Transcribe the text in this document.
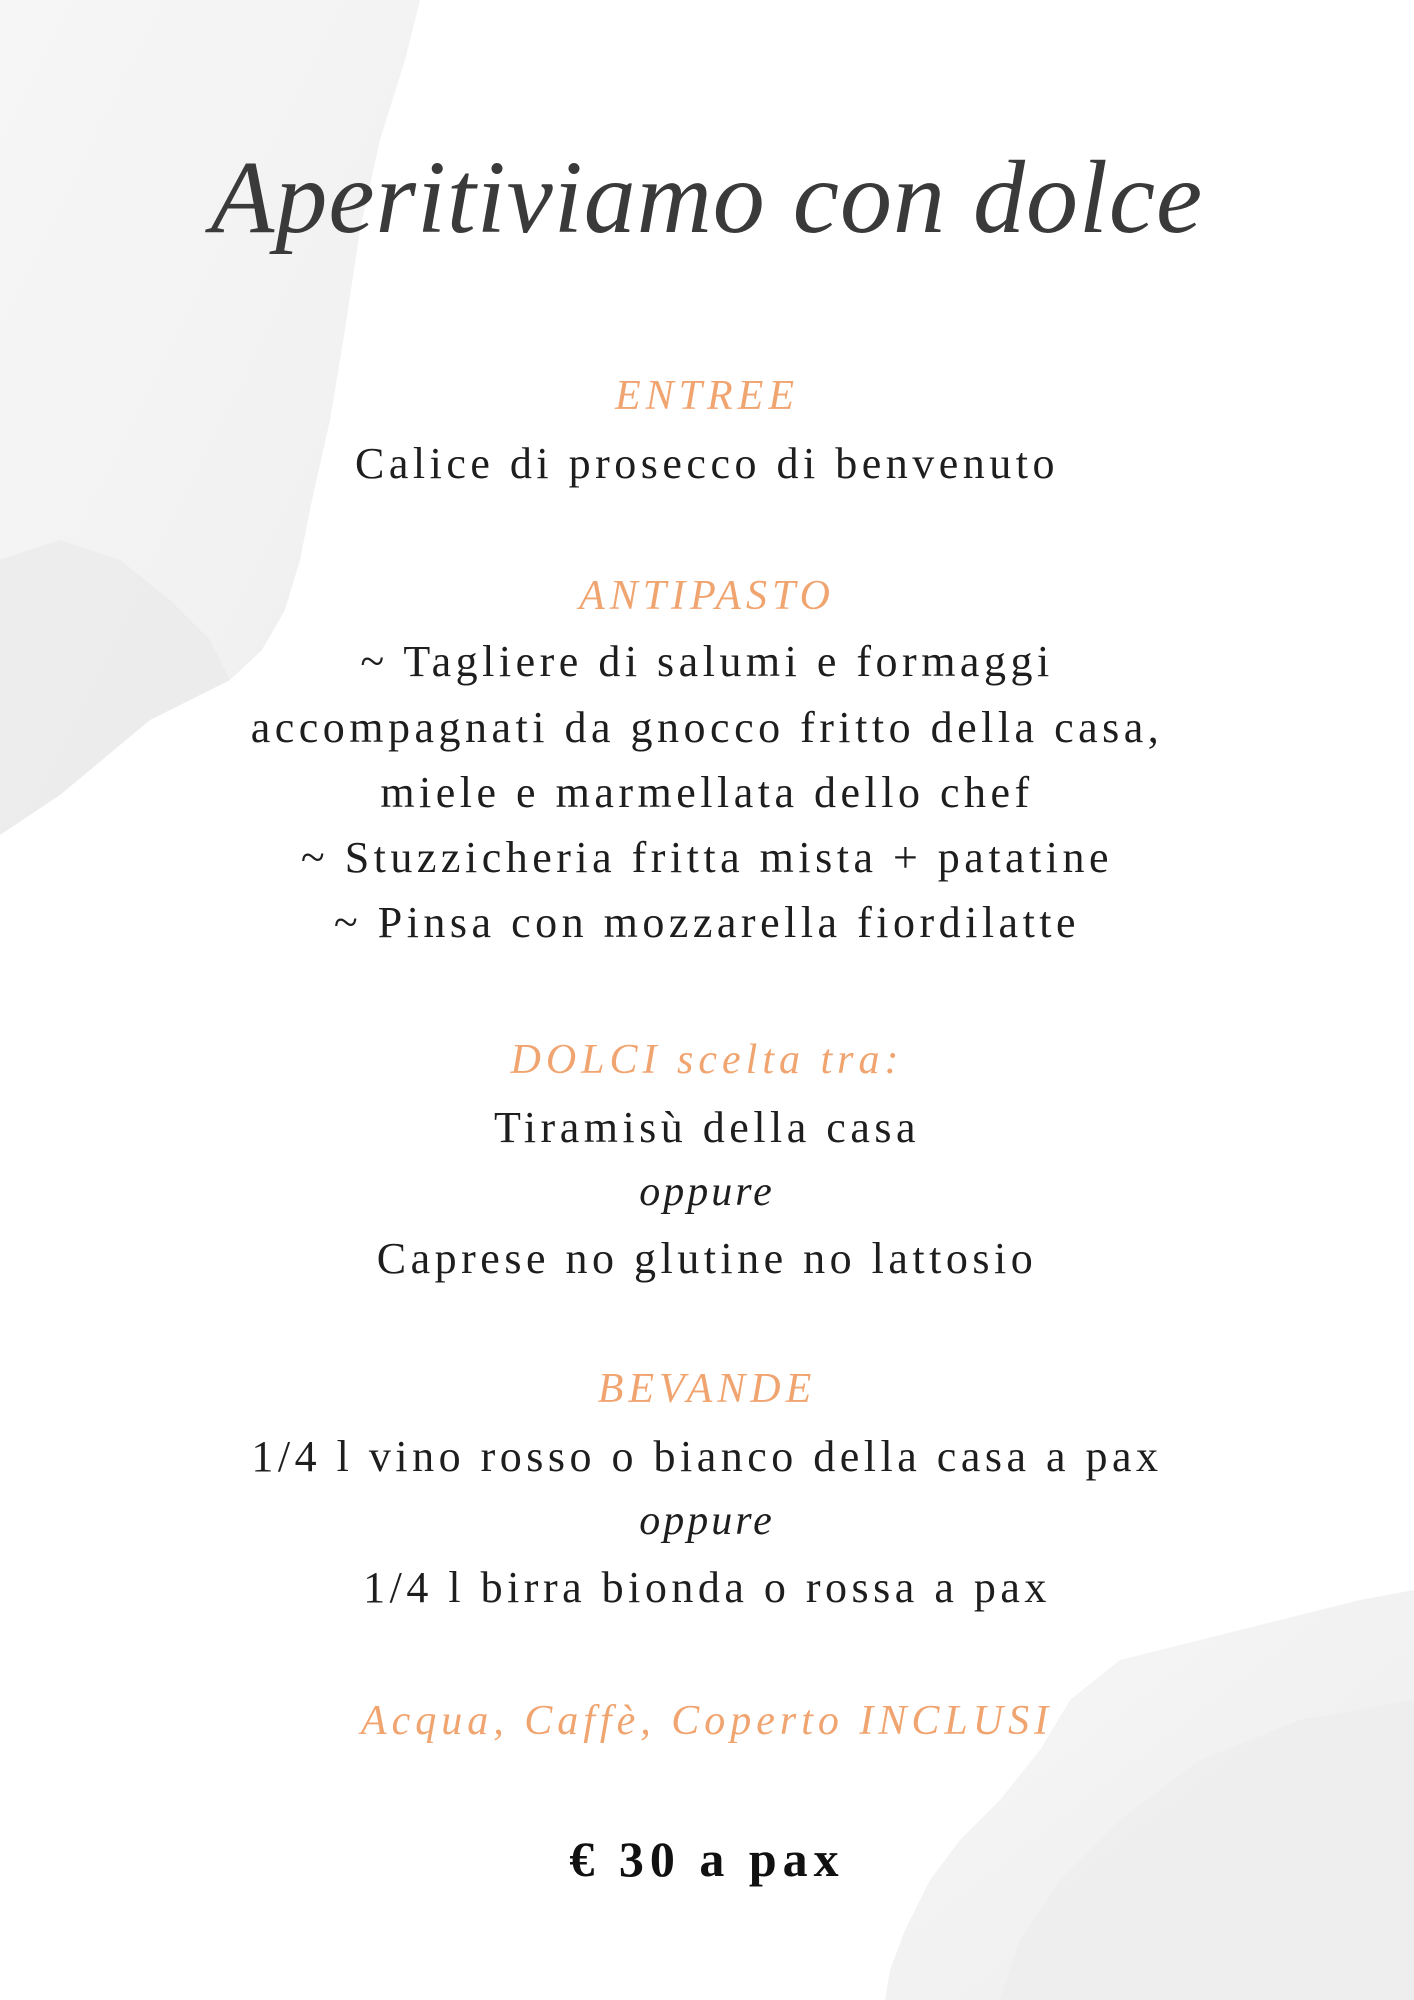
Aperitiviamo con dolce
ENTREE
Calice di prosecco di benvenuto
ANTIPASTO
~ Tagliere di salumi e formaggi
accompagnati da gnocco fritto della casa,
miele e marmellata dello chef
~ Stuzzicheria fritta mista + patatine
~ Pinsa con mozzarella fiordilatte
DOLCI scelta tra:
Tiramisù della casa
oppure
Caprese no glutine no lattosio
BEVANDE
1/4 l vino rosso o bianco della casa a pax
oppure
1/4 l birra bionda o rossa a pax
Acqua, Caffè, Coperto INCLUSI
€ 30 a pax
